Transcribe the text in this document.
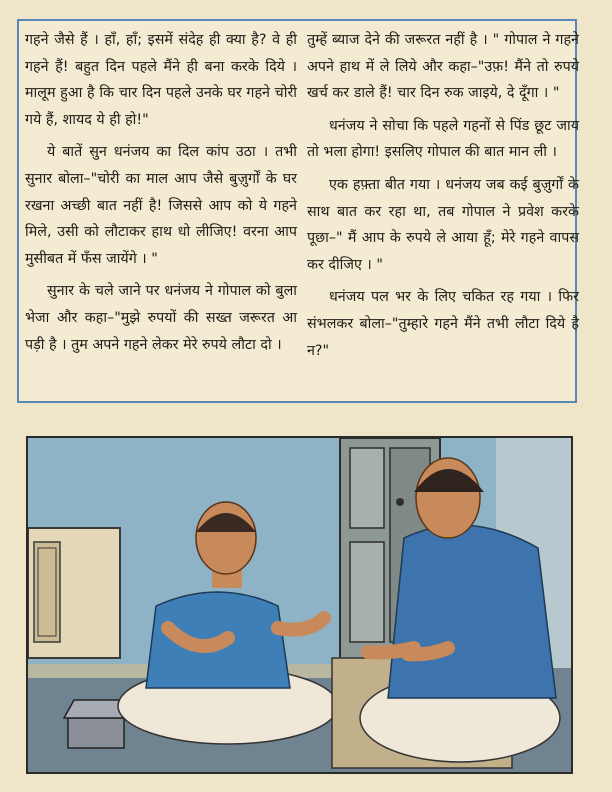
गहने जैसे हैं । हाँ, हाँ; इसमें संदेह ही क्या है? वे ही गहने हैं! बहुत दिन पहले मैंने ही बना करके दिये । मालूम हुआ है कि चार दिन पहले उनके घर गहने चोरी गये हैं, शायद ये ही हो!"

ये बातें सुन धनंजय का दिल कांप उठा । तभी सुनार बोला–"चोरी का माल आप जैसे बुज़ुर्गों के घर रखना अच्छी बात नहीं है! जिससे आप को ये गहने मिले, उसी को लौटाकर हाथ धो लीजिए! वरना आप मुसीबत में फँस जायेंगे । "

सुनार के चले जाने पर धनंजय ने गोपाल को बुला भेजा और कहा–"मुझे रुपयों की सख्त जरूरत आ पड़ी है । तुम अपने गहने लेकर मेरे रुपये लौटा दो ।

तुम्हें ब्याज देने की जरूरत नहीं है । " गोपाल ने गहने अपने हाथ में ले लिये और कहा–"उफ़! मैंने तो रुपये खर्च कर डाले हैं! चार दिन रुक जाइये, दे दूँगा । "

धनंजय ने सोचा कि पहले गहनों से पिंड छूट जाय तो भला होगा! इसलिए गोपाल की बात मान ली ।

एक हफ़्ता बीत गया । धनंजय जब कई बुज़ुर्गों के साथ बात कर रहा था, तब गोपाल ने प्रवेश करके पूछा–" मैं आप के रुपये ले आया हूँ; मेरे गहने वापस कर दीजिए । "

धनंजय पल भर के लिए चकित रह गया । फिर संभलकर बोला–"तुम्हारे गहने मैंने तभी लौटा दिये है न?"
